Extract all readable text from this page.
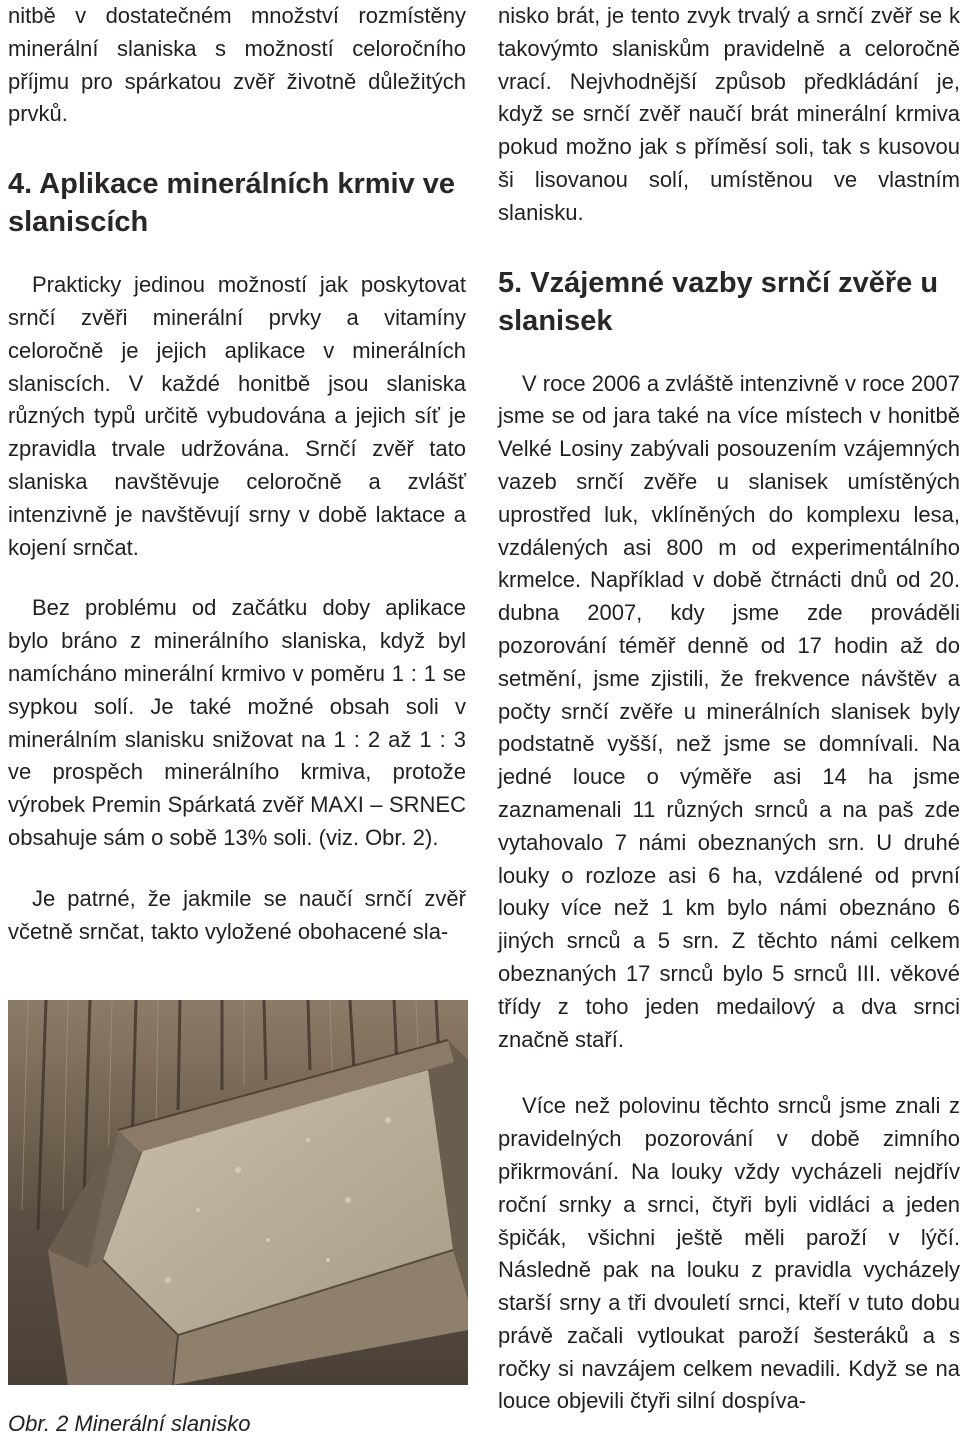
nitbě v dostatečném množství rozmístěny minerální slaniska s možností celoročního příjmu pro spárkatou zvěř životně důležitých prvků.

4. Aplikace minerálních krmiv ve slaniscích

Prakticky jedinou možností jak poskytovat srnčí zvěři minerální prvky a vitamíny celoročně je jejich aplikace v minerálních slaniscích. V každé honitbě jsou slaniska různých typů určitě vybudována a jejich síť je zpravidla trvale udržována. Srnčí zvěř tato slaniska navštěvuje celoročně a zvlášť intenzivně je navštěvují srny v době laktace a kojení srnčat.

Bez problému od začátku doby aplikace bylo bráno z minerálního slaniska, když byl namícháno minerální krmivo v poměru 1 : 1 se sypkou solí. Je také možné obsah soli v minerálním slanisku snižovat na 1 : 2 až 1 : 3 ve prospěch minerálního krmiva, protože výrobek Premin Spárkatá zvěř MAXI – SRNEC obsahuje sám o sobě 13% soli. (viz. Obr. 2).

Je patrné, že jakmile se naučí srnčí zvěř včetně srnčat, takto vyložené obohacené sla-

Obr. 2 Minerální slanisko

nisko brát, je tento zvyk trvalý a srnčí zvěř se k takovýmto slaniskům pravidelně a celoročně vrací. Nejvhodnější způsob předkládání je, když se srnčí zvěř naučí brát minerální krmiva pokud možno jak s příměsí soli, tak s kusovou ši lisovanou solí, umístěnou ve vlastním slanisku.

5. Vzájemné vazby srnčí zvěře u slanisek

V roce 2006 a zvláště intenzivně v roce 2007 jsme se od jara také na více místech v honitbě Velké Losiny zabývali posouzením vzájemných vazeb srnčí zvěře u slanisek umístěných uprostřed luk, vklíněných do komplexu lesa, vzdálených asi 800 m od experimentálního krmelce. Například v době čtrnácti dnů od 20. dubna 2007, kdy jsme zde prováděli pozorování téměř denně od 17 hodin až do setmění, jsme zjistili, že frekvence návštěv a počty srnčí zvěře u minerálních slanisek byly podstatně vyšší, než jsme se domnívali. Na jedné louce o výměře asi 14 ha jsme zaznamenali 11 různých srnců a na paš zde vytahovalo 7 námi obeznaných srn. U druhé louky o rozloze asi 6 ha, vzdálené od první louky více než 1 km bylo námi obeznáno 6 jiných srnců a 5 srn. Z těchto námi celkem obeznaných 17 srnců bylo 5 srnců III. věkové třídy z toho jeden medailový a dva srnci značně staří.

Více než polovinu těchto srnců jsme znali z pravidelných pozorování v době zimního přikrmování. Na louky vždy vycházeli nejdřív roční srnky a srnci, čtyři byli vidláci a jeden špičák, všichni ještě měli paroží v lýčí. Následně pak na louku z pravidla vycházely starší srny a tři dvouletí srnci, kteří v tuto dobu právě začali vytloukat paroží šesteráků a s ročky si navzájem celkem nevadili. Když se na louce objevili čtyři silní dospíva-
